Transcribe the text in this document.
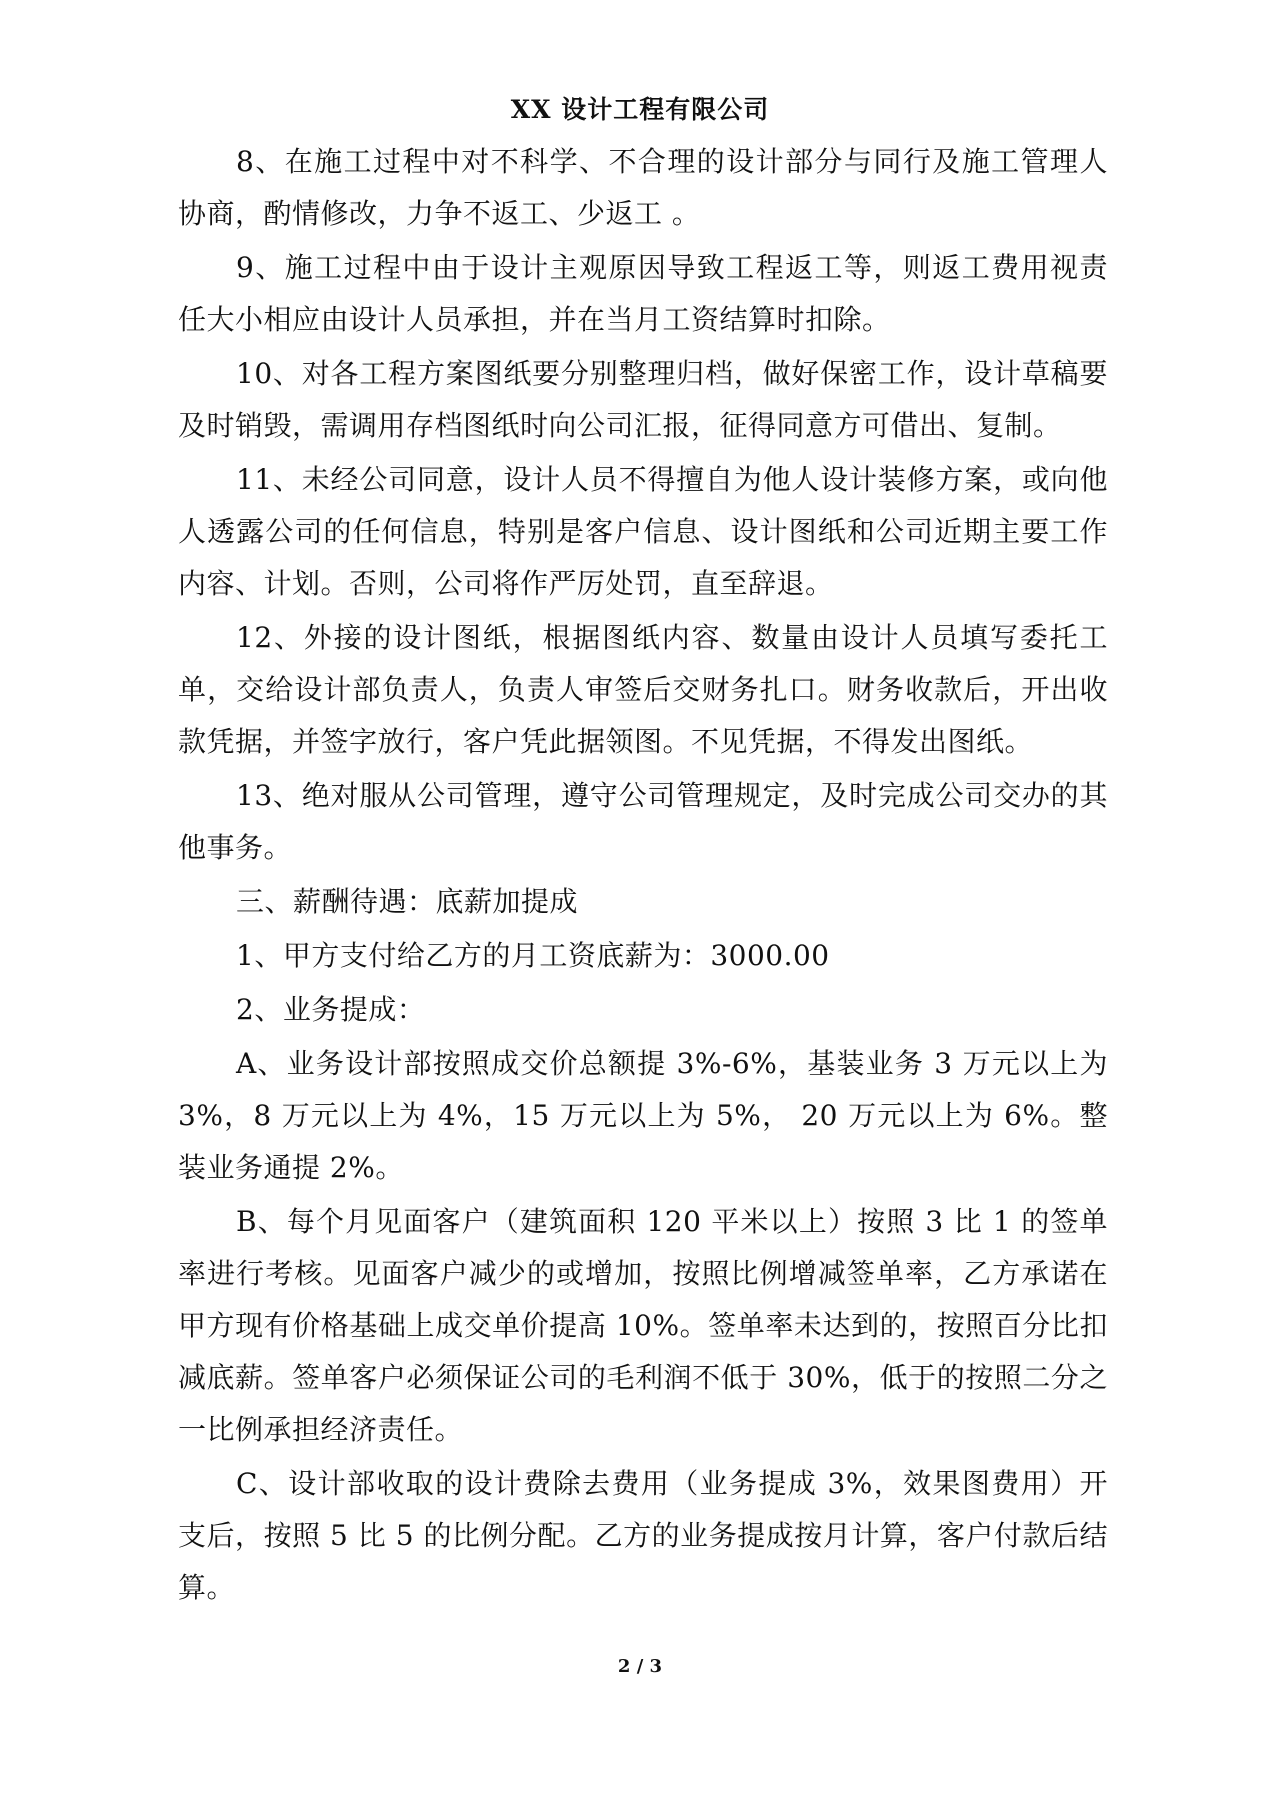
XX 设计工程有限公司

8、在施工过程中对不科学、不合理的设计部分与同行及施工管理人协商，酌情修改，力争不返工、少返工 。

9、施工过程中由于设计主观原因导致工程返工等，则返工费用视责任大小相应由设计人员承担，并在当月工资结算时扣除。

10、对各工程方案图纸要分别整理归档，做好保密工作，设计草稿要及时销毁，需调用存档图纸时向公司汇报，征得同意方可借出、复制。

11、未经公司同意，设计人员不得擅自为他人设计装修方案，或向他人透露公司的任何信息，特别是客户信息、设计图纸和公司近期主要工作内容、计划。否则，公司将作严厉处罚，直至辞退。

12、外接的设计图纸，根据图纸内容、数量由设计人员填写委托工单，交给设计部负责人，负责人审签后交财务扎口。财务收款后，开出收款凭据，并签字放行，客户凭此据领图。不见凭据，不得发出图纸。

13、绝对服从公司管理，遵守公司管理规定，及时完成公司交办的其他事务。

三、薪酬待遇：底薪加提成

1、甲方支付给乙方的月工资底薪为：3000.00

2、业务提成：

A、业务设计部按照成交价总额提 3%-6%，基装业务 3 万元以上为 3%，8 万元以上为 4%，15 万元以上为 5%， 20 万元以上为 6%。整装业务通提 2%。

B、每个月见面客户（建筑面积 120 平米以上）按照 3 比 1 的签单率进行考核。见面客户减少的或增加，按照比例增减签单率，乙方承诺在甲方现有价格基础上成交单价提高 10%。签单率未达到的，按照百分比扣减底薪。签单客户必须保证公司的毛利润不低于 30%，低于的按照二分之一比例承担经济责任。

C、设计部收取的设计费除去费用（业务提成 3%，效果图费用）开支后，按照 5 比 5 的比例分配。乙方的业务提成按月计算，客户付款后结算。

2 / 3
